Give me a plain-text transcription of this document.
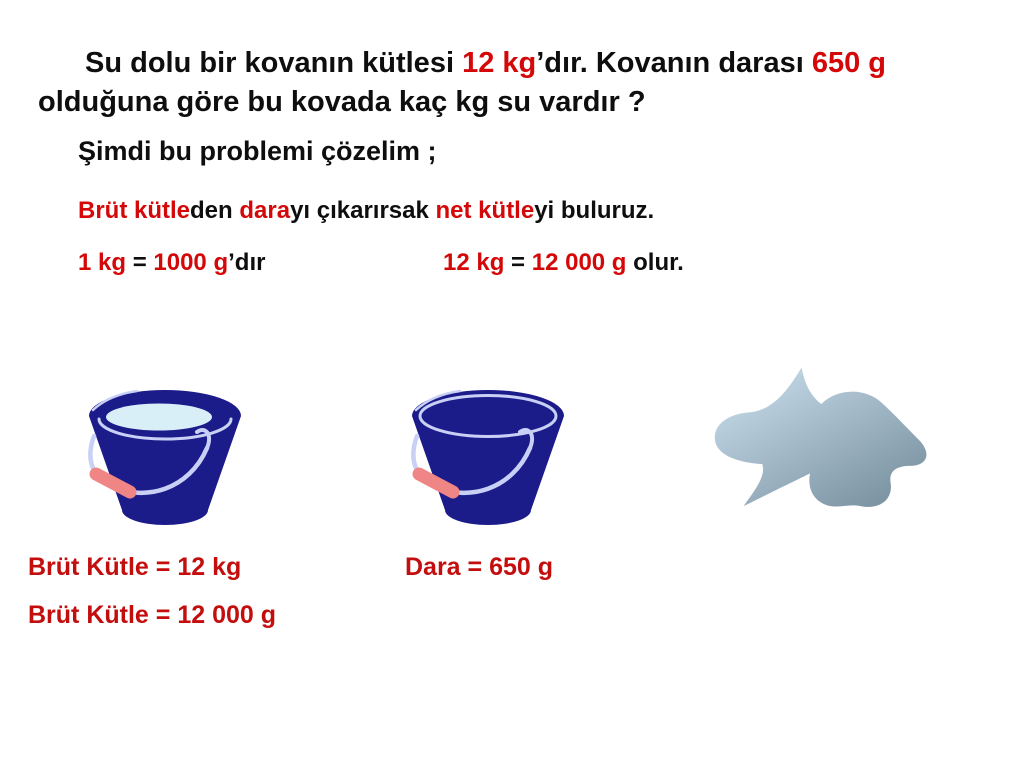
Su dolu bir kovanın kütlesi 12 kg’dır. Kovanın darası 650 g
olduğuna göre bu kovada kaç kg su vardır ?
Şimdi bu problemi çözelim ;
Brüt kütleden darayı çıkarırsak net kütleyi buluruz.
1 kg = 1000 g’dır	12 kg = 12 000 g olur.
Brüt Kütle = 12 kg	Dara = 650 g
Brüt Kütle = 12 000 g
